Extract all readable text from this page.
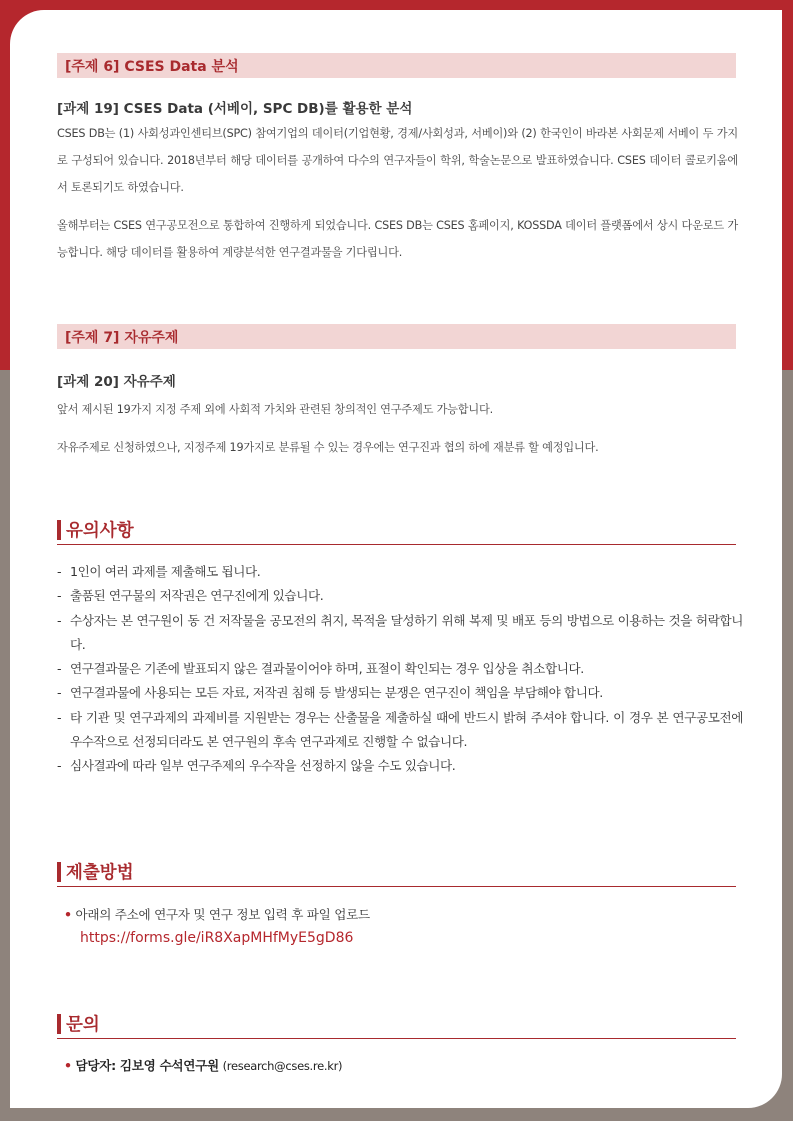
[주제 6] CSES Data 분석
[과제 19] CSES Data (서베이, SPC DB)를 활용한 분석
CSES DB는 (1) 사회성과인센티브(SPC) 참여기업의 데이터(기업현황, 경제/사회성과, 서베이)와 (2) 한국인이 바라본 사회문제 서베이 두 가지로 구성되어 있습니다. 2018년부터 해당 데이터를 공개하여 다수의 연구자들이 학위, 학술논문으로 발표하였습니다. CSES 데이터 콜로키움에서 토론되기도 하였습니다.
올해부터는 CSES 연구공모전으로 통합하여 진행하게 되었습니다. CSES DB는 CSES 홈페이지, KOSSDA 데이터 플랫폼에서 상시 다운로드 가능합니다. 해당 데이터를 활용하여 계량분석한 연구결과물을 기다립니다.
[주제 7] 자유주제
[과제 20] 자유주제
앞서 제시된 19가지 지정 주제 외에 사회적 가치와 관련된 창의적인 연구주제도 가능합니다.
자유주제로 신청하였으나, 지정주제 19가지로 분류될 수 있는 경우에는 연구진과 협의 하에 재분류 할 예정입니다.
유의사항
- 1인이 여러 과제를 제출해도 됩니다.
- 출품된 연구물의 저작권은 연구진에게 있습니다.
- 수상자는 본 연구원이 동 건 저작물을 공모전의 취지, 목적을 달성하기 위해 복제 및 배포 등의 방법으로 이용하는 것을 허락합니다.
- 연구결과물은 기존에 발표되지 않은 결과물이어야 하며, 표절이 확인되는 경우 입상을 취소합니다.
- 연구결과물에 사용되는 모든 자료, 저작권 침해 등 발생되는 분쟁은 연구진이 책임을 부담해야 합니다.
- 타 기관 및 연구과제의 과제비를 지원받는 경우는 산출물을 제출하실 때에 반드시 밝혀 주셔야 합니다. 이 경우 본 연구공모전에 우수작으로 선정되더라도 본 연구원의 후속 연구과제로 진행할 수 없습니다.
- 심사결과에 따라 일부 연구주제의 우수작을 선정하지 않을 수도 있습니다.
제출방법
• 아래의 주소에 연구자 및 연구 정보 입력 후 파일 업로드
https://forms.gle/iR8XapMHfMyE5gD86
문의
• 담당자: 김보영 수석연구원 (research@cses.re.kr)
